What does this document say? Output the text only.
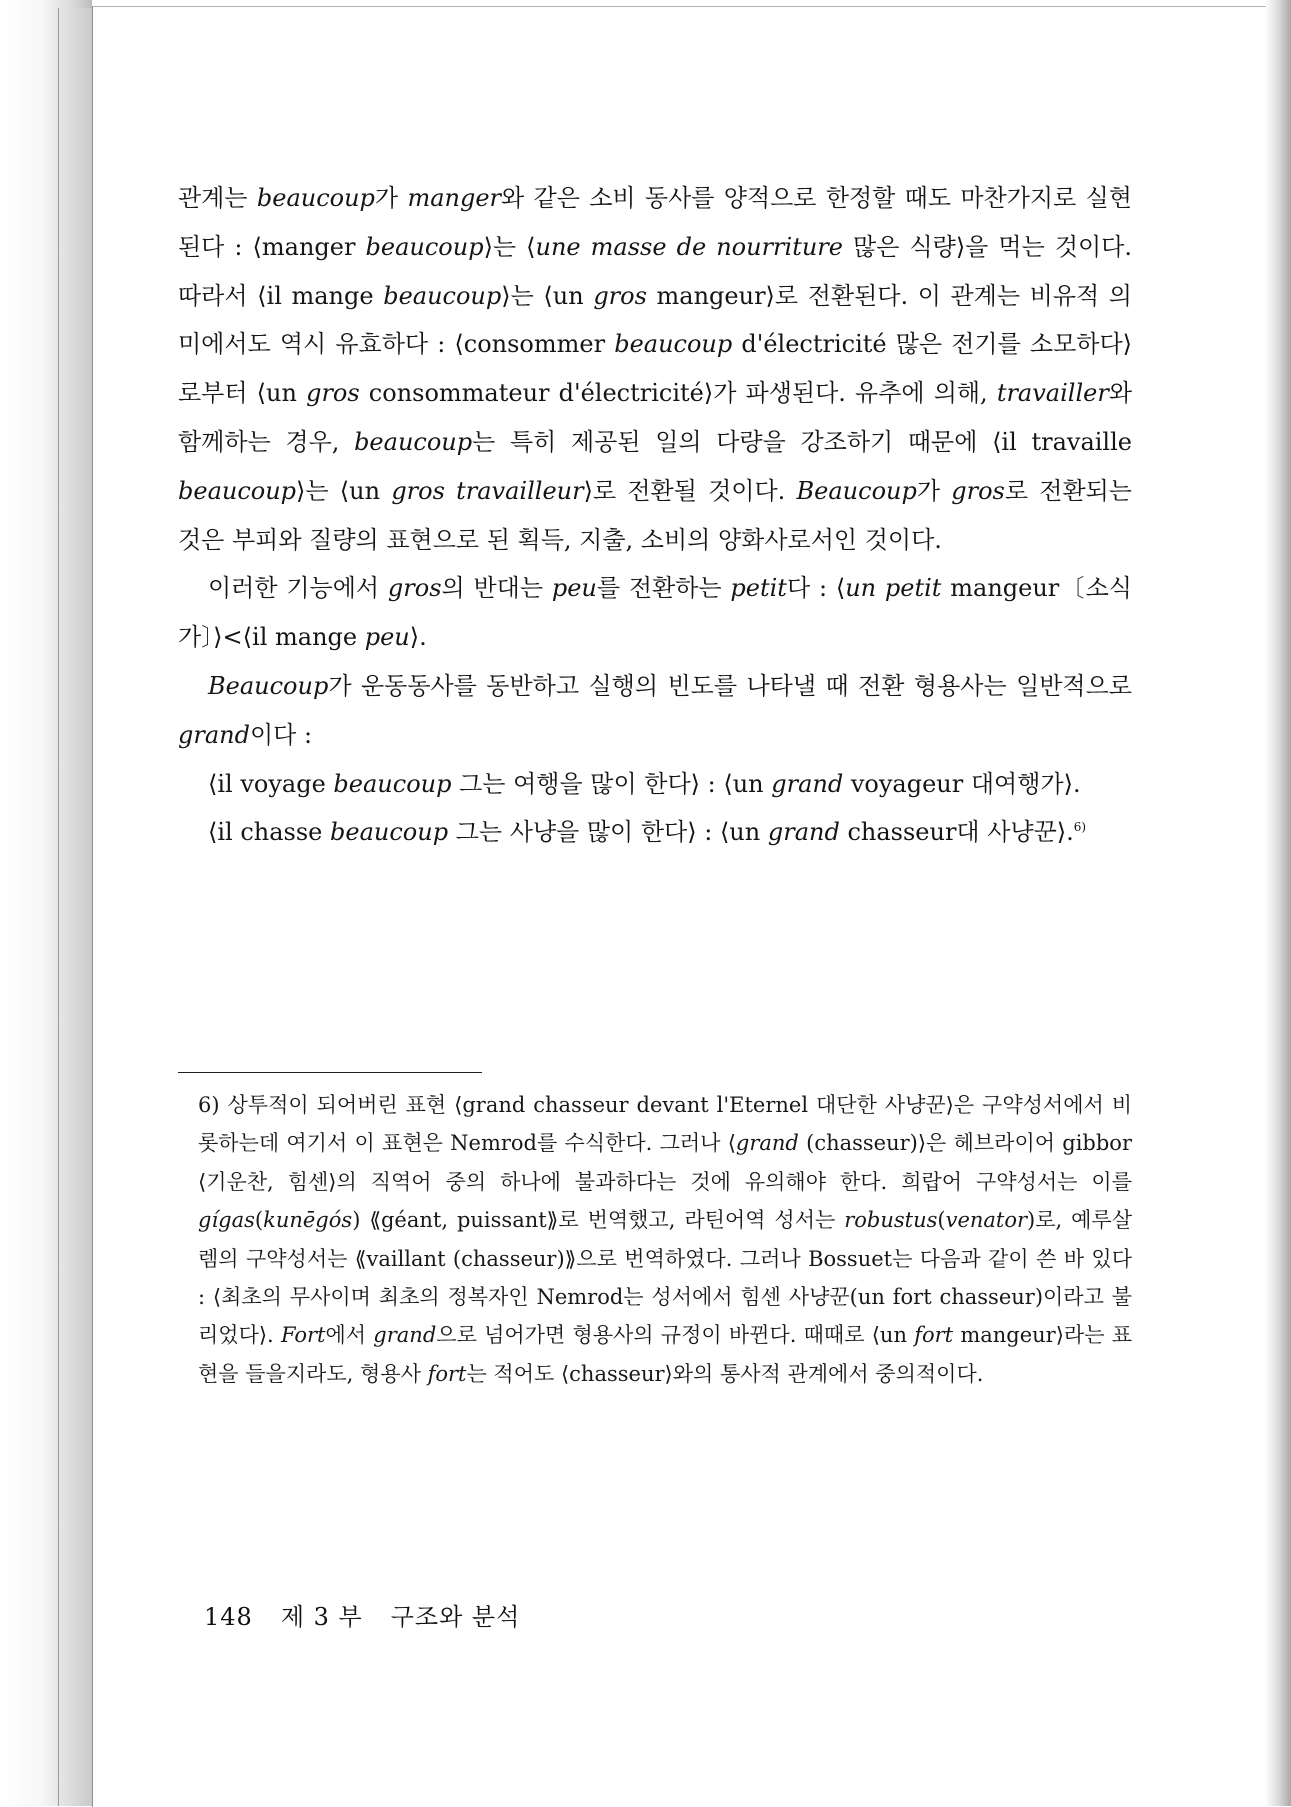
관계는 beaucoup가 manger와 같은 소비 동사를 양적으로 한정할 때도 마찬가지로 실현된다 : ⟨manger beaucoup⟩는 ⟨une masse de nourriture 많은 식량⟩을 먹는 것이다. 따라서 ⟨il mange beaucoup⟩는 ⟨un gros mangeur⟩로 전환된다. 이 관계는 비유적 의미에서도 역시 유효하다 : ⟨consommer beaucoup d'électricité 많은 전기를 소모하다⟩로부터 ⟨un gros consommateur d'électricité⟩가 파생된다. 유추에 의해, travailler와 함께하는 경우, beaucoup는 특히 제공된 일의 다량을 강조하기 때문에 ⟨il travaille beaucoup⟩는 ⟨un gros travailleur⟩로 전환될 것이다. Beaucoup가 gros로 전환되는 것은 부피와 질량의 표현으로 된 획득, 지출, 소비의 양화사로서인 것이다.

이러한 기능에서 gros의 반대는 peu를 전환하는 petit다 : ⟨un petit mangeur〔소식가〕⟩<⟨il mange peu⟩.

Beaucoup가 운동동사를 동반하고 실행의 빈도를 나타낼 때 전환 형용사는 일반적으로 grand이다 :

⟨il voyage beaucoup 그는 여행을 많이 한다⟩ : ⟨un grand voyageur 대여행가⟩.

⟨il chasse beaucoup 그는 사냥을 많이 한다⟩ : ⟨un grand chasseur대 사냥꾼⟩.$^{6)}$

6) 상투적이 되어버린 표현 ⟨grand chasseur devant l'Eternel 대단한 사냥꾼⟩은 구약성서에서 비롯하는데 여기서 이 표현은 Nemrod를 수식한다. 그러나 ⟨grand (chasseur)⟩은 헤브라이어 gibbor ⟨기운찬, 힘센⟩의 직역어 중의 하나에 불과하다는 것에 유의해야 한다. 희랍어 구약성서는 이를 gígas(kunēgós) ⟪géant, puissant⟫로 번역했고, 라틴어역 성서는 robustus(venator)로, 예루살렘의 구약성서는 ⟪vaillant (chasseur)⟫으로 번역하였다. 그러나 Bossuet는 다음과 같이 쓴 바 있다 : ⟨최초의 무사이며 최초의 정복자인 Nemrod는 성서에서 힘센 사냥꾼(un fort chasseur)이라고 불리었다⟩. Fort에서 grand으로 넘어가면 형용사의 규정이 바뀐다. 때때로 ⟨un fort mangeur⟩라는 표현을 들을지라도, 형용사 fort는 적어도 ⟨chasseur⟩와의 통사적 관계에서 중의적이다.

148 제 3 부 구조와 분석
